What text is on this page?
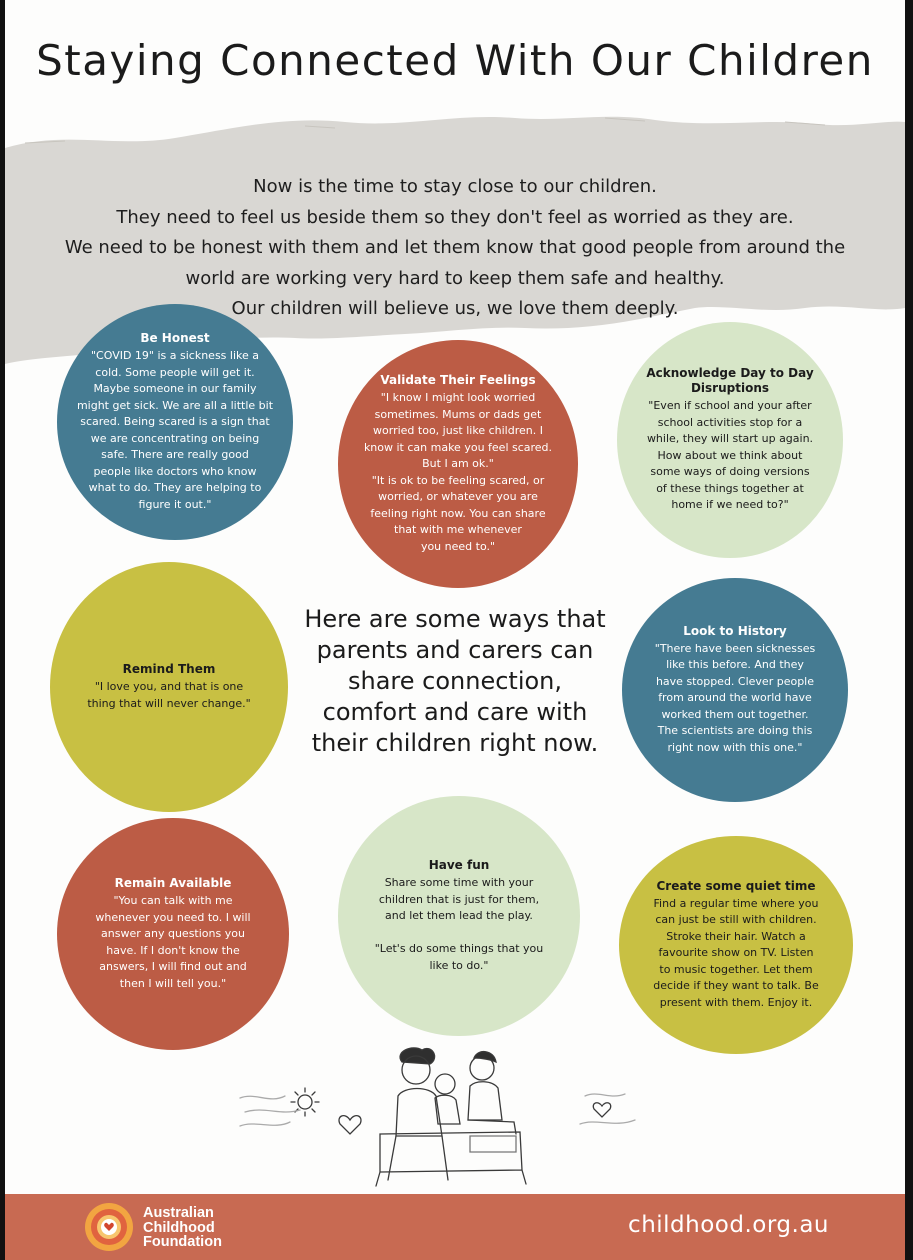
Staying Connected With Our Children
Now is the time to stay close to our children.
They need to feel us beside them so they don't feel as worried as they are.
We need to be honest with them and let them know that good people from around the
world are working very hard to keep them safe and healthy.
Our children will believe us, we love them deeply.
Be Honest
"COVID 19" is a sickness like a
cold. Some people will get it.
Maybe someone in our family
might get sick. We are all a little bit
scared. Being scared is a sign that
we are concentrating on being
safe. There are really good
people like doctors who know
what to do. They are helping to
figure it out."
Validate Their Feelings
"I know I might look worried
sometimes. Mums or dads get
worried too, just like children. I
know it can make you feel scared.
But I am ok."
"It is ok to be feeling scared, or
worried, or whatever you are
feeling right now. You can share
that with me whenever
you need to."
Acknowledge Day to Day
Disruptions
"Even if school and your after
school activities stop for a
while, they will start up again.
How about we think about
some ways of doing versions
of these things together at
home if we need to?"
Remind Them
"I love you, and that is one
thing that will never change."
Here are some ways that
parents and carers can
share connection,
comfort and care with
their children right now.
Look to History
"There have been sicknesses
like this before. And they
have stopped. Clever people
from around the world have
worked them out together.
The scientists are doing this
right now with this one."
Remain Available
"You can talk with me
whenever you need to. I will
answer any questions you
have. If I don't know the
answers, I will find out and
then I will tell you."
Have fun
Share some time with your
children that is just for them,
and let them lead the play.

"Let's do some things that you
like to do."
Create some quiet time
Find a regular time where you
can just be still with children.
Stroke their hair. Watch a
favourite show on TV. Listen
to music together. Let them
decide if they want to talk. Be
present with them. Enjoy it.
Australian
Childhood
Foundation
childhood.org.au
